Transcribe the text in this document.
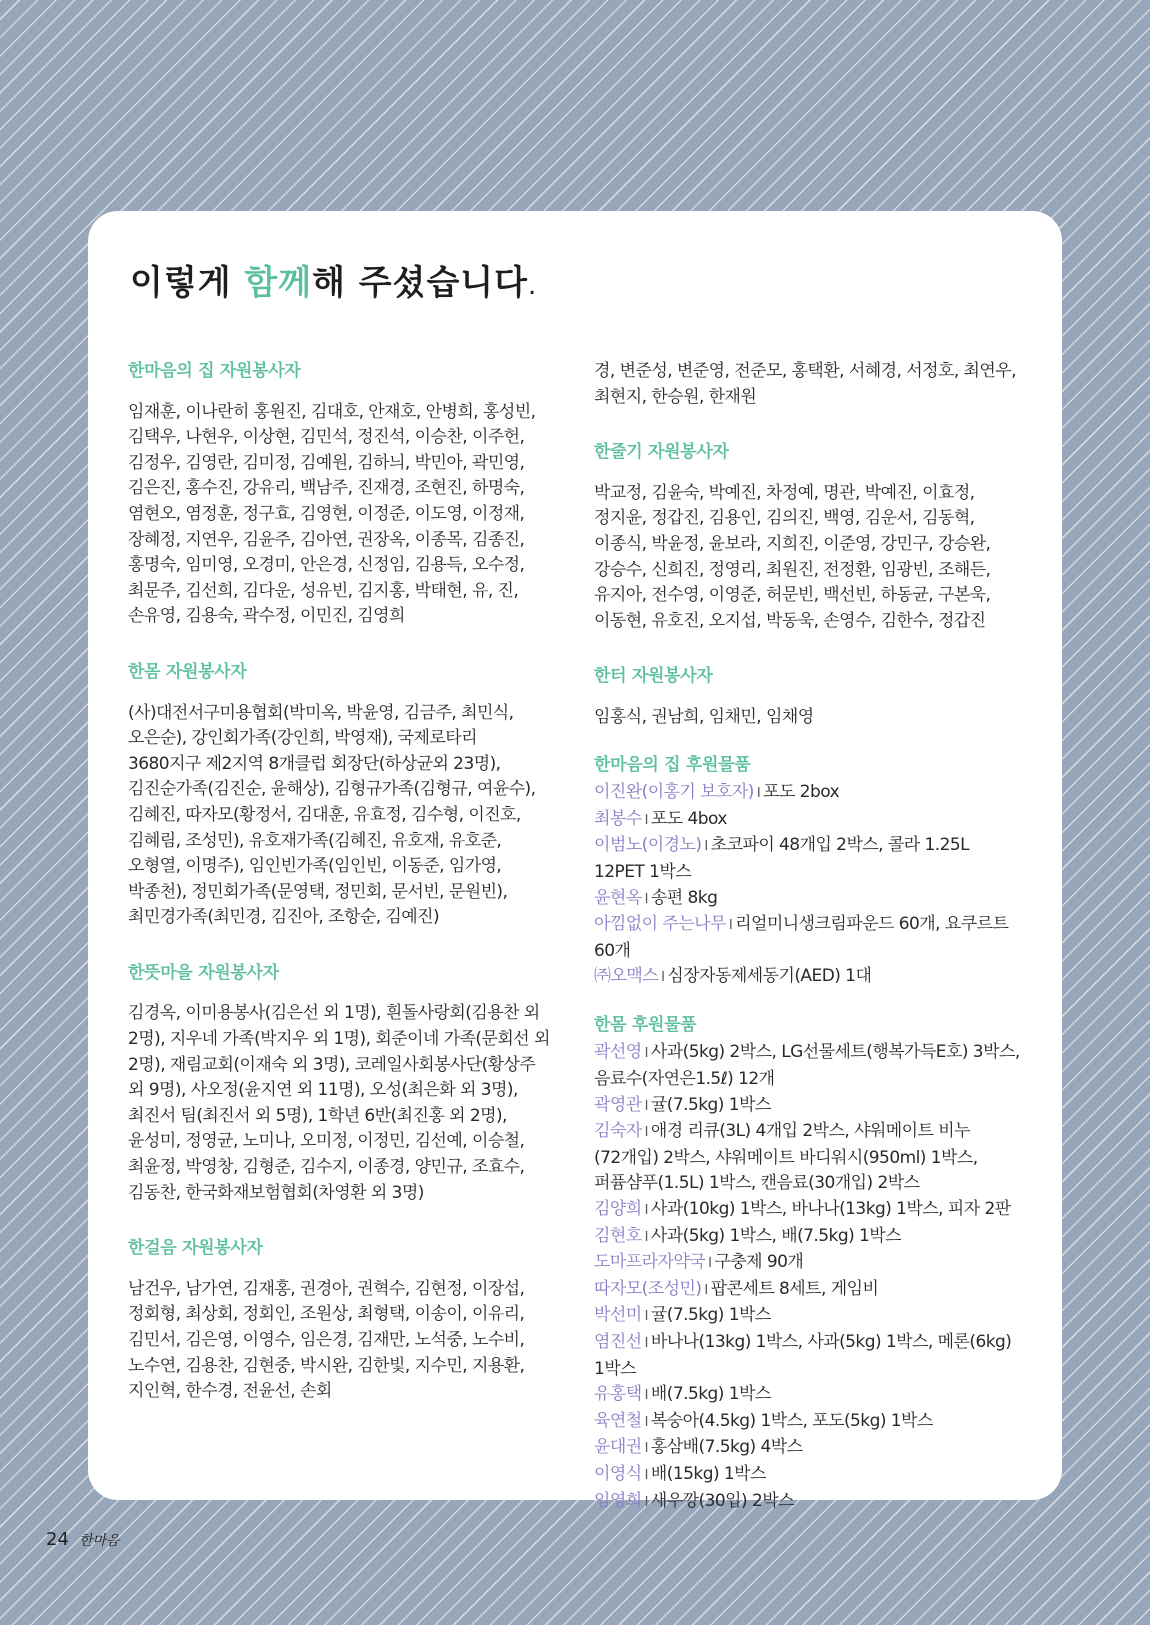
이렇게 함께해 주셨습니다.
한마음의 집 자원봉사자

임재훈, 이나란히 홍원진, 김대호, 안재호, 안병희, 홍성빈, 김택우, 나현우, 이상현, 김민석, 정진석, 이승찬, 이주헌, 김정우, 김영란, 김미정, 김예원, 김하늬, 박민아, 곽민영, 김은진, 홍수진, 강유리, 백남주, 진재경, 조현진, 하명숙, 염현오, 염정훈, 정구효, 김영현, 이정준, 이도영, 이정재, 장혜정, 지연우, 김윤주, 김아연, 권장옥, 이종목, 김종진, 홍명숙, 임미영, 오경미, 안은경, 신정임, 김용득, 오수정, 최문주, 김선희, 김다운, 성유빈, 김지홍, 박태현, 유, 진, 손유영, 김용숙, 곽수정, 이민진, 김영희

한몸 자원봉사자

(사)대전서구미용협회(박미옥, 박윤영, 김금주, 최민식, 오은순), 강인회가족(강인희, 박영재), 국제로타리 3680지구 제2지역 8개클럽 회장단(하상균외 23명), 김진순가족(김진순, 윤해상), 김형규가족(김형규, 여윤수), 김혜진, 따자모(황정서, 김대훈, 유효정, 김수형, 이진호, 김혜림, 조성민), 유호재가족(김혜진, 유호재, 유호준, 오형열, 이명주), 임인빈가족(임인빈, 이동준, 임가영, 박종천), 정민회가족(문영택, 정민회, 문서빈, 문원빈), 최민경가족(최민경, 김진아, 조항순, 김예진)

한뜻마을 자원봉사자

김경옥, 이미용봉사(김은선 외 1명), 흰돌사랑회(김용찬 외 2명), 지우네 가족(박지우 외 1명), 회준이네 가족(문회선 외 2명), 재림교회(이재숙 외 3명), 코레일사회봉사단(황상주 외 9명), 사오정(윤지연 외 11명), 오성(최은화 외 3명), 최진서 팀(최진서 외 5명), 1학년 6반(최진홍 외 2명), 윤성미, 정영균, 노미나, 오미정, 이정민, 김선예, 이승철, 최윤정, 박영창, 김형준, 김수지, 이종경, 양민규, 조효수, 김동찬, 한국화재보험협회(차영환 외 3명)

한걸음 자원봉사자

남건우, 남가연, 김재홍, 권경아, 권혁수, 김현정, 이장섭, 정회형, 최상회, 정회인, 조원상, 최형택, 이송이, 이유리, 김민서, 김은영, 이영수, 임은경, 김재만, 노석중, 노수비, 노수연, 김용찬, 김현중, 박시완, 김한빛, 지수민, 지용환, 지인혁, 한수경, 전윤선, 손회

경, 변준성, 변준영, 전준모, 홍택환, 서혜경, 서정호, 최연우, 최현지, 한승원, 한재원

한줄기 자원봉사자

박교정, 김윤숙, 박예진, 차정예, 명관, 박예진, 이효정, 정지윤, 정갑진, 김용인, 김의진, 백영, 김운서, 김동혁, 이종식, 박윤정, 윤보라, 지희진, 이준영, 강민구, 강승완, 강승수, 신희진, 정영리, 최원진, 전정환, 임광빈, 조해든, 유지아, 전수영, 이영준, 허문빈, 백선빈, 하동균, 구본욱, 이동현, 유호진, 오지섭, 박동욱, 손영수, 김한수, 정갑진

한터 자원봉사자

임홍식, 권남희, 임채민, 임채영

한마음의 집 후원물품

이진완(이홍기 보호자) I 포도 2box

최봉수 I 포도 4box

이범노(이경노) I 초코파이 48개입 2박스, 콜라 1.25L 12PET 1박스

윤현옥 I 송편 8kg

아낌없이 주는나무 I 리얼미니생크림파운드 60개, 요쿠르트 60개

㈜오맥스 I 심장자동제세동기(AED) 1대

한몸 후원물품

곽선영 I 사과(5kg) 2박스, LG선물세트(행복가득E호) 3박스, 음료수(자연은1.5ℓ) 12개

곽영관 I 귤(7.5kg) 1박스

김숙자 I 애경 리큐(3L) 4개입 2박스, 샤워메이트 비누(72개입) 2박스, 샤워메이트 바디워시(950ml) 1박스, 퍼퓸샴푸(1.5L) 1박스, 캔음료(30개입) 2박스

김양희 I 사과(10kg) 1박스, 바나나(13kg) 1박스, 피자 2판

김현호 I 사과(5kg) 1박스, 배(7.5kg) 1박스

도마프라자약국 I 구충제 90개

따자모(조성민) I 팝콘세트 8세트, 게임비

박선미 I 귤(7.5kg) 1박스

염진선 I 바나나(13kg) 1박스, 사과(5kg) 1박스, 메론(6kg) 1박스

유홍택 I 배(7.5kg) 1박스

육연철 I 복숭아(4.5kg) 1박스, 포도(5kg) 1박스

윤대권 I 홍삼배(7.5kg) 4박스

이영식 I 배(15kg) 1박스

임영희 I 새우깡(30입) 2박스

24 한마음
